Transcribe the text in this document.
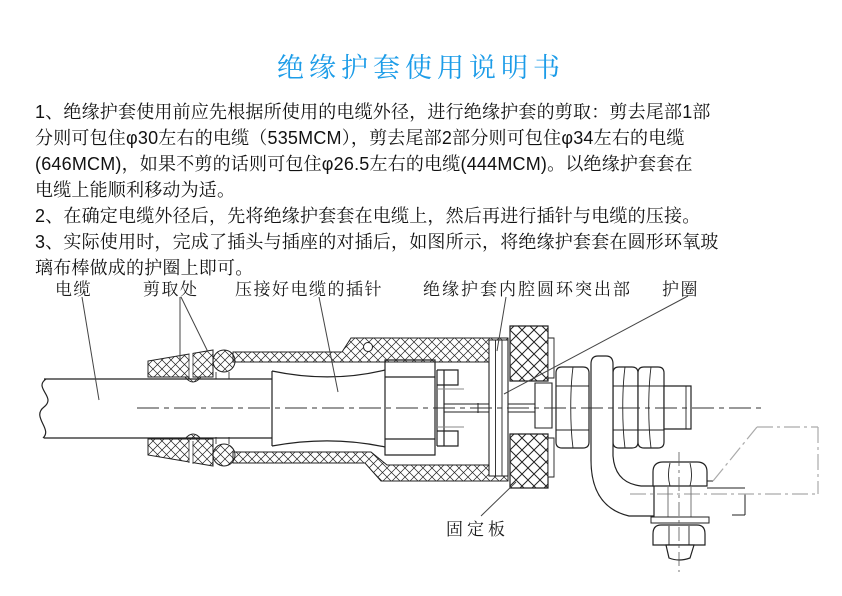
绝缘护套使用说明书
1、绝缘护套使用前应先根据所使用的电缆外径，进行绝缘护套的剪取：剪去尾部1部
分则可包住φ30左右的电缆（535MCM），剪去尾部2部分则可包住φ34左右的电缆
(646MCM)，如果不剪的话则可包住φ26.5左右的电缆(444MCM)。以绝缘护套套在
电缆上能顺利移动为适。
2、在确定电缆外径后，先将绝缘护套套在电缆上，然后再进行插针与电缆的压接。
3、实际使用时，完成了插头与插座的对插后，如图所示，将绝缘护套套在圆形环氧玻
璃布棒做成的护圈上即可。
电缆	剪取处 压接好电缆的插针 绝缘护套内腔圆环突出部 护圈
固定板
